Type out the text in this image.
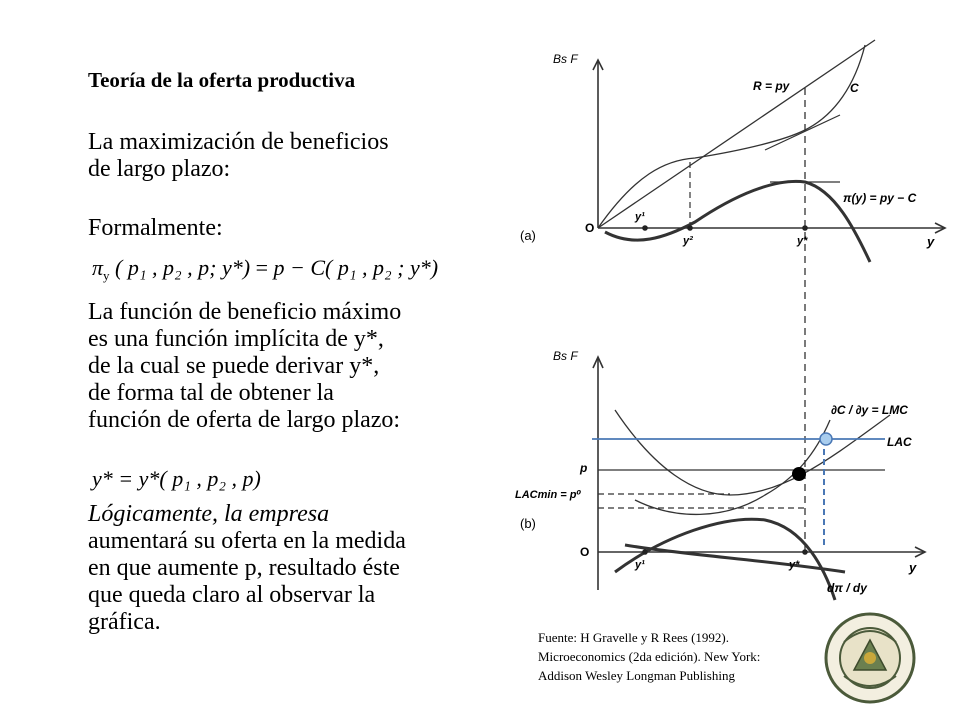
Teoría de la oferta productiva
La maximización de beneficios
de largo plazo:
Formalmente:
$\pi_y$ ( p₁ , p₂ , p; y*) = p − C( p₁ , p₂ ; y*)
La función de beneficio máximo
es una función implícita de y*,
de la cual se puede derivar y*,
de forma tal de obtener la
función de oferta de largo plazo:
y* = y*( p₁ , p₂ , p)
Lógicamente, la empresa
aumentará su oferta en la medida
en que aumente p, resultado éste
que queda claro al observar la
gráfica.
Bs F
(a)	O
y
R = py	C
π(y) = py − C
y¹
y²	y*
Bs F
(b)
O
y
∂C / ∂y = LMC
LAC
p
LACmin = p⁰
y¹	y*
dπ / dy
Fuente: H Gravelle y R Rees (1992).
Microeconomics (2da edición). New York:
Addison Wesley Longman Publishing
